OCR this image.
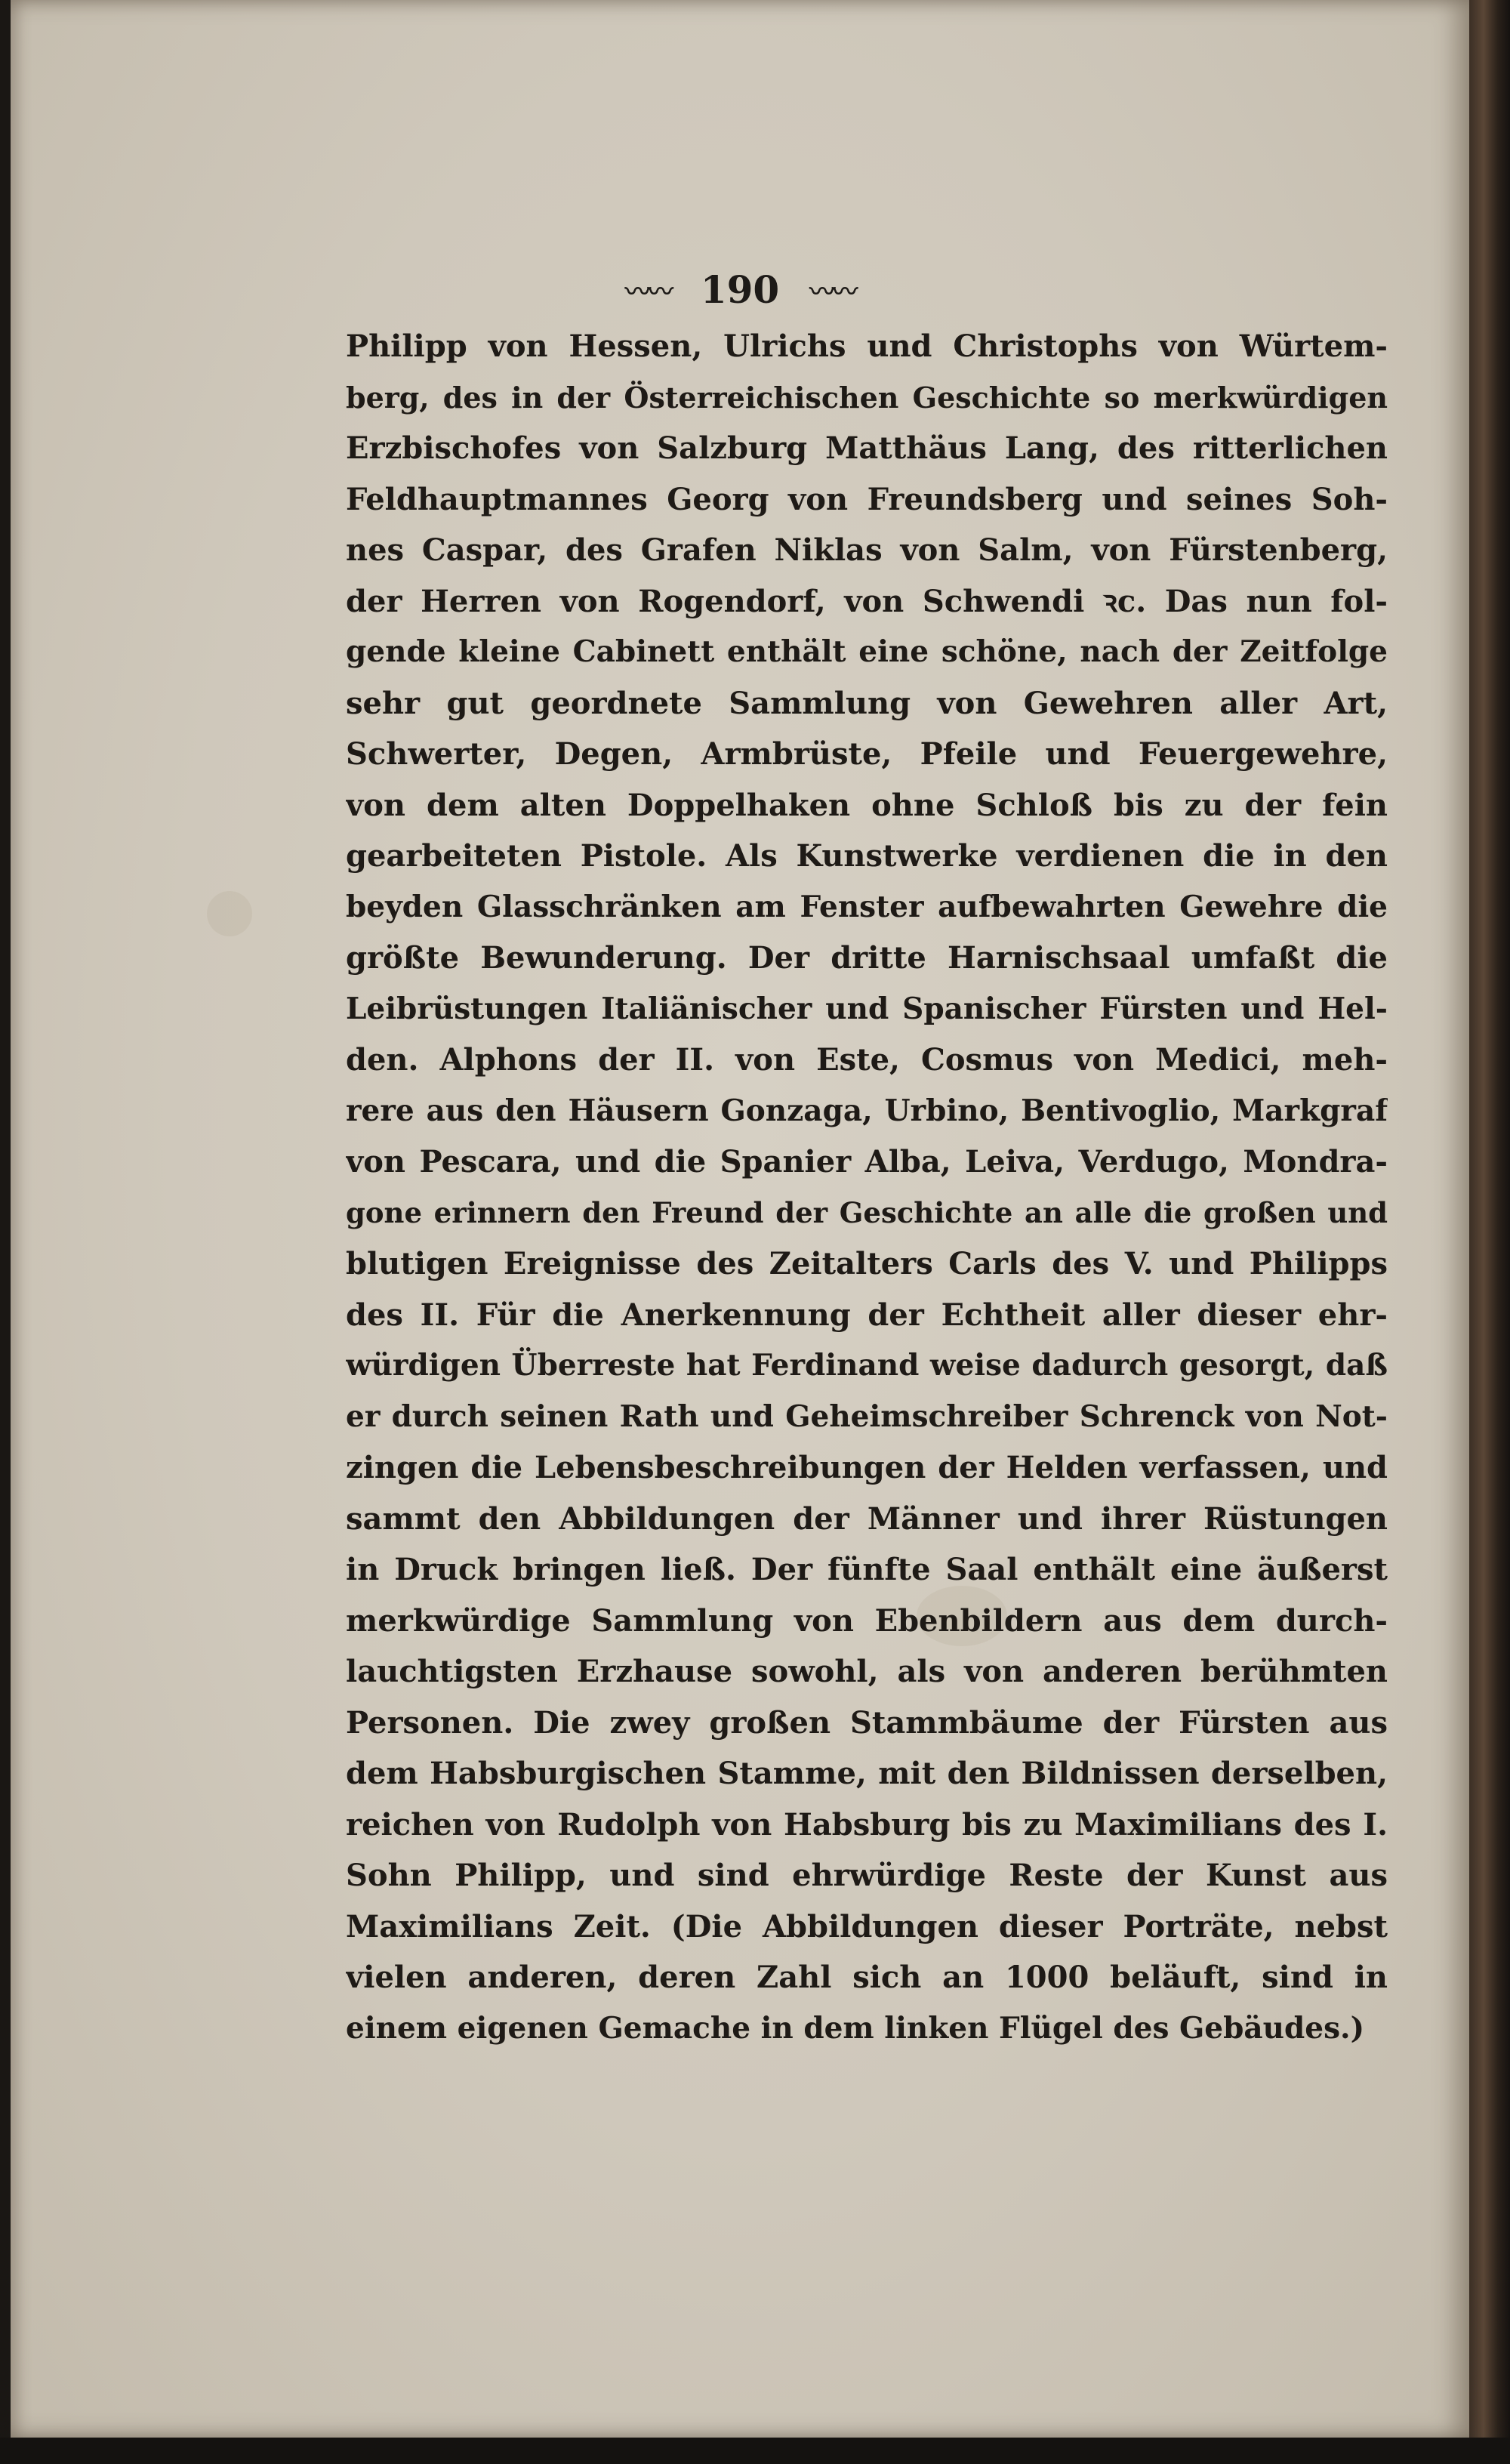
〰〰 190 〰〰
Philipp von Hessen, Ulrichs und Christophs von Würtem-
berg, des in der Österreichischen Geschichte so merkwürdigen
Erzbischofes von Salzburg Matthäus Lang, des ritterlichen
Feldhauptmannes Georg von Freundsberg und seines Soh-
nes Caspar, des Grafen Niklas von Salm, von Fürstenberg,
der Herren von Rogendorf, von Schwendi ꝛc. Das nun fol-
gende kleine Cabinett enthält eine schöne, nach der Zeitfolge
sehr gut geordnete Sammlung von Gewehren aller Art,
Schwerter, Degen, Armbrüste, Pfeile und Feuergewehre,
von dem alten Doppelhaken ohne Schloß bis zu der fein
gearbeiteten Pistole. Als Kunstwerke verdienen die in den
beyden Glasschränken am Fenster aufbewahrten Gewehre die
größte Bewunderung. Der dritte Harnischsaal umfaßt die
Leibrüstungen Italiänischer und Spanischer Fürsten und Hel-
den. Alphons der II. von Este, Cosmus von Medici, meh-
rere aus den Häusern Gonzaga, Urbino, Bentivoglio, Markgraf
von Pescara, und die Spanier Alba, Leiva, Verdugo, Mondra-
gone erinnern den Freund der Geschichte an alle die großen und
blutigen Ereignisse des Zeitalters Carls des V. und Philipps
des II. Für die Anerkennung der Echtheit aller dieser ehr-
würdigen Überreste hat Ferdinand weise dadurch gesorgt, daß
er durch seinen Rath und Geheimschreiber Schrenck von Not-
zingen die Lebensbeschreibungen der Helden verfassen, und
sammt den Abbildungen der Männer und ihrer Rüstungen
in Druck bringen ließ. Der fünfte Saal enthält eine äußerst
merkwürdige Sammlung von Ebenbildern aus dem durch-
lauchtigsten Erzhause sowohl, als von anderen berühmten
Personen. Die zwey großen Stammbäume der Fürsten aus
dem Habsburgischen Stamme, mit den Bildnissen derselben,
reichen von Rudolph von Habsburg bis zu Maximilians des I.
Sohn Philipp, und sind ehrwürdige Reste der Kunst aus
Maximilians Zeit. (Die Abbildungen dieser Porträte, nebst
vielen anderen, deren Zahl sich an 1000 beläuft, sind in
einem eigenen Gemache in dem linken Flügel des Gebäudes.)
